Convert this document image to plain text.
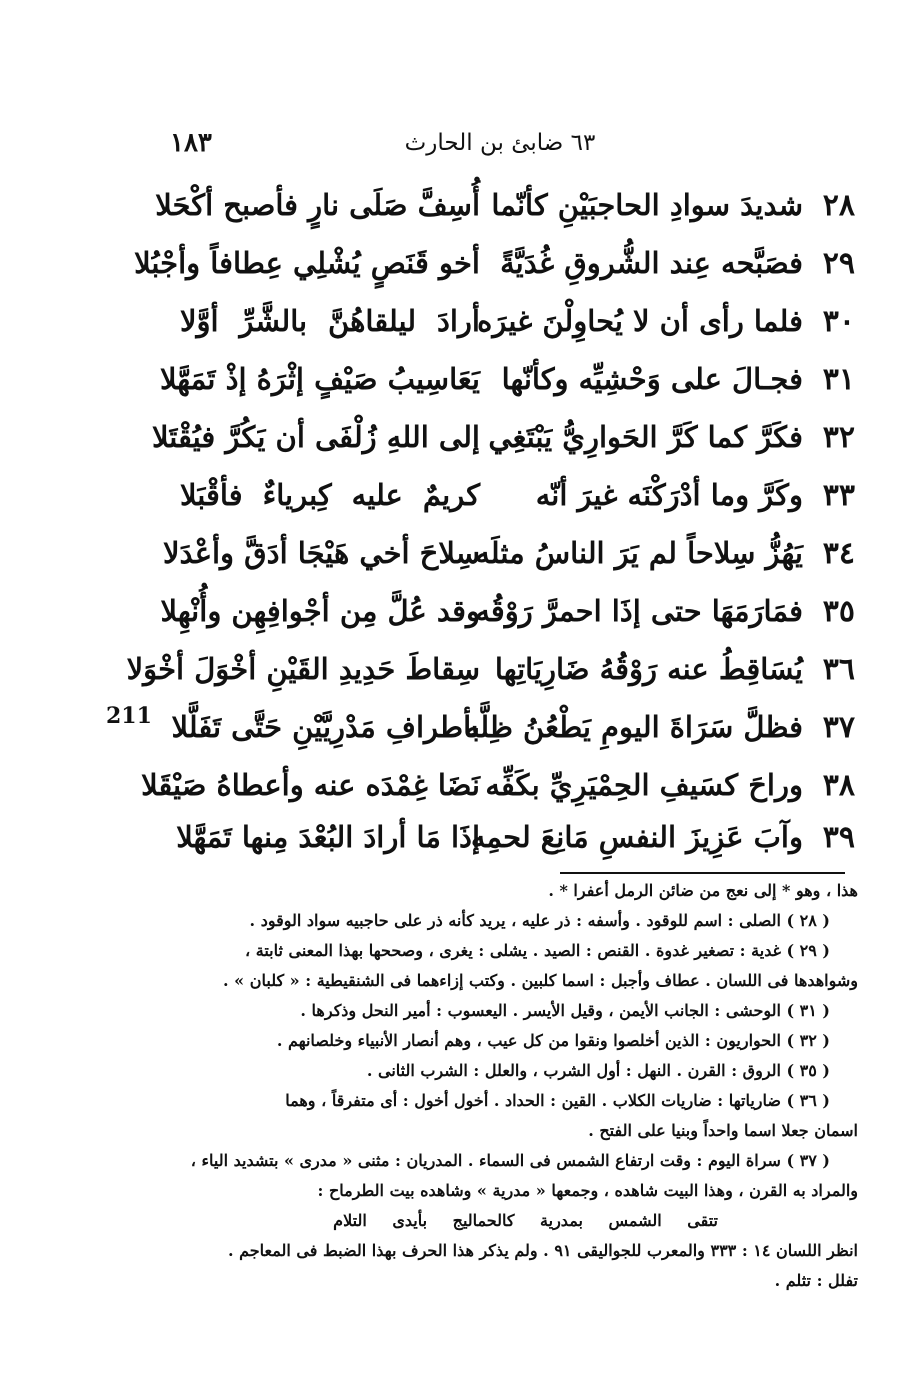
١٨٣	٦٣ ضابئ بن الحارث
211
٢٨
شديدَ سوادِ الحاجبَيْنِ كأنّما
أُسِفَّ صَلَى نارٍ فأصبح أكْحَلا
٢٩
فصَبَّحه عِند الشُّروقِ غُدَيَّةً
أخو قَنَصٍ يُشْلِي عِطافاً وأجْبُلا
٣٠
فلما رأى أن لا يُحاوِلْنَ غيرَه
أرادَ ليلقاهُنَّ بالشَّرِّ أوَّلا
٣١
فجـالَ على وَحْشِيِّه وكأنّها
يَعَاسِيبُ صَيْفٍ إثْرَهُ إذْ تَمَهَّلا
٣٢
فكَرَّ كما كَرَّ الحَوارِيُّ يَبْتَغِي
إلى اللهِ زُلْفَى أن يَكُرَّ فيُقْتَلا
٣٣
وكَرَّ وما أدْرَكْنَه غيرَ أنّه
كريمٌ عليه كِبرياءٌ فأقْبَلا
٣٤
يَهُزُّ سِلاحاً لم يَرَ الناسُ مثلَه
سِلاحَ أخي هَيْجَا أدَقَّ وأعْدَلا
٣٥
فمَارَمَهَا حتى إذَا احمرَّ رَوْقُه
وقد عُلَّ مِن أجْوافِهِن وأُنْهِلا
٣٦
يُسَاقِطُ عنه رَوْقُهُ ضَارِيَاتِها
سِقاطَ حَدِيدِ القَيْنِ أخْوَلَ أخْوَلا
٣٧
فظلَّ سَرَاةَ اليومِ يَطْعُنُ ظِلَّه
بأطرافِ مَدْرِيَّيْنِ حَتَّى تَفَلَّلا
٣٨
وراحَ كسَيفِ الحِمْيَرِيِّ بكَفِّه
نَضَا غِمْدَه عنه وأعطاهُ صَيْقَلا
٣٩
وآبَ عَزِيزَ النفسِ مَانِعَ لحمِه
إذَا مَا أرادَ البُعْدَ مِنها تَمَهَّلا
هذا ، وهو * إلى نعج من ضائن الرمل أعفرا * .
( ٢٨ ) الصلى : اسم للوقود . وأسفه : ذر عليه ، يريد كأنه ذر على حاجبيه سواد الوقود .
( ٢٩ ) غدية : تصغير غدوة . القنص : الصيد . يشلى : يغرى ، وصححها بهذا المعنى ثابتة ،
وشواهدها فى اللسان . عطاف وأجبل : اسما كلبين . وكتب إزاءهما فى الشنقيطية : « كلبان » .
( ٣١ ) الوحشى : الجانب الأيمن ، وقيل الأيسر . اليعسوب : أمير النحل وذكرها .
( ٣٢ ) الحواريون : الذين أخلصوا ونقوا من كل عيب ، وهم أنصار الأنبياء وخلصانهم .
( ٣٥ ) الروق : القرن . النهل : أول الشرب ، والعلل : الشرب الثانى .
( ٣٦ ) ضارياتها : ضاريات الكلاب . القين : الحداد . أخول أخول : أى متفرقاً ، وهما
اسمان جعلا اسما واحداً وبنيا على الفتح .
( ٣٧ ) سراة اليوم : وقت ارتفاع الشمس فى السماء . المدريان : مثنى « مدرى » بتشديد الياء ،
والمراد به القرن ، وهذا البيت شاهده ، وجمعها « مدرية » وشاهده بيت الطرماح :
تتقى الشمس بمدرية كالحماليج بأيدى التلام
انظر اللسان ١٤ : ٣٣٣ والمعرب للجواليقى ٩١ . ولم يذكر هذا الحرف بهذا الضبط فى المعاجم .
تفلل : تثلم .
